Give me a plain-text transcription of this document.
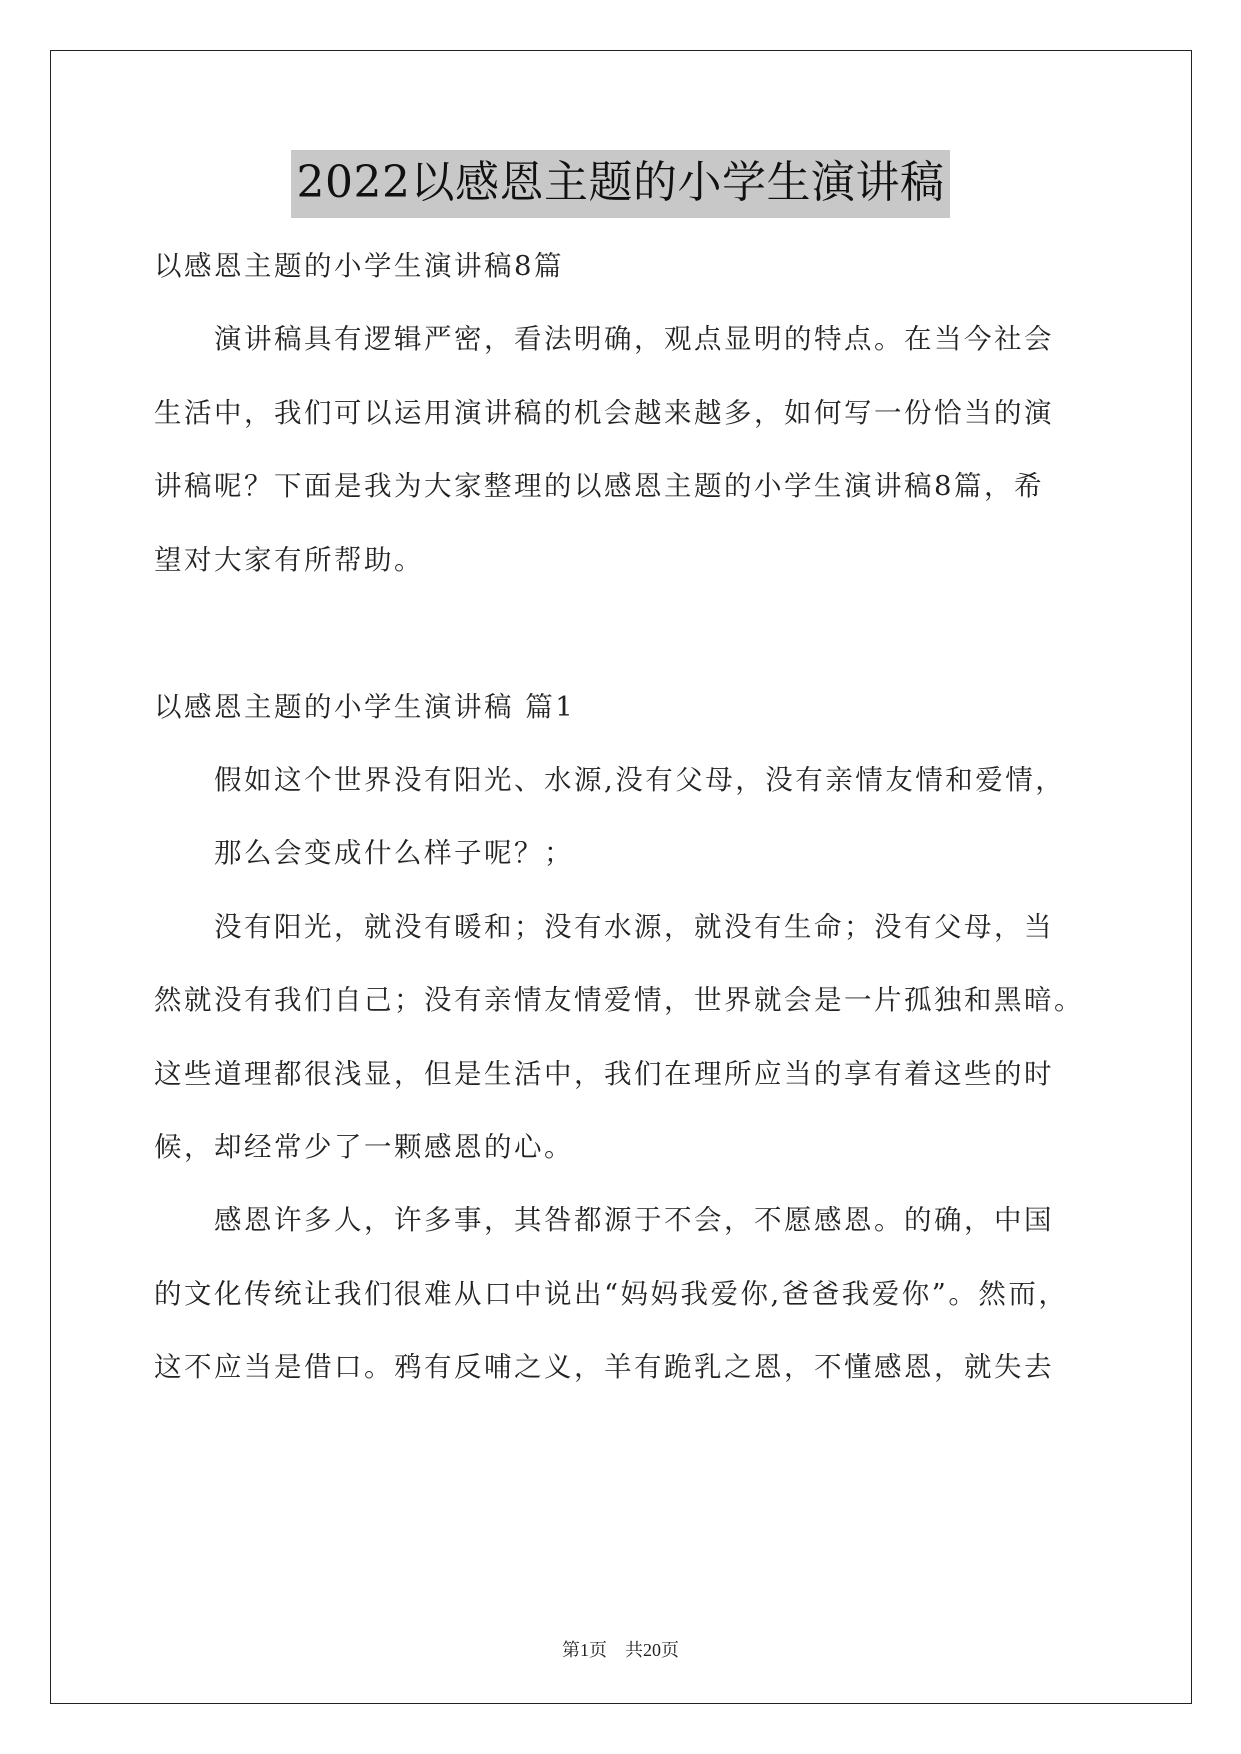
2022以感恩主题的小学生演讲稿
以感恩主题的小学生演讲稿8篇
　　演讲稿具有逻辑严密，看法明确，观点显明的特点。在当今社会
生活中，我们可以运用演讲稿的机会越来越多，如何写一份恰当的演
讲稿呢？下面是我为大家整理的以感恩主题的小学生演讲稿8篇，希
望对大家有所帮助。
以感恩主题的小学生演讲稿 篇1
　　假如这个世界没有阳光、水源,没有父母，没有亲情友情和爱情，
　　那么会变成什么样子呢？；
　　没有阳光，就没有暖和；没有水源，就没有生命；没有父母，当
然就没有我们自己；没有亲情友情爱情，世界就会是一片孤独和黑暗。
这些道理都很浅显，但是生活中，我们在理所应当的享有着这些的时
候，却经常少了一颗感恩的心。
　　感恩许多人，许多事，其咎都源于不会，不愿感恩。的确，中国
的文化传统让我们很难从口中说出“妈妈我爱你,爸爸我爱你”。然而，
这不应当是借口。鸦有反哺之义，羊有跪乳之恩，不懂感恩，就失去
第1页　共20页
